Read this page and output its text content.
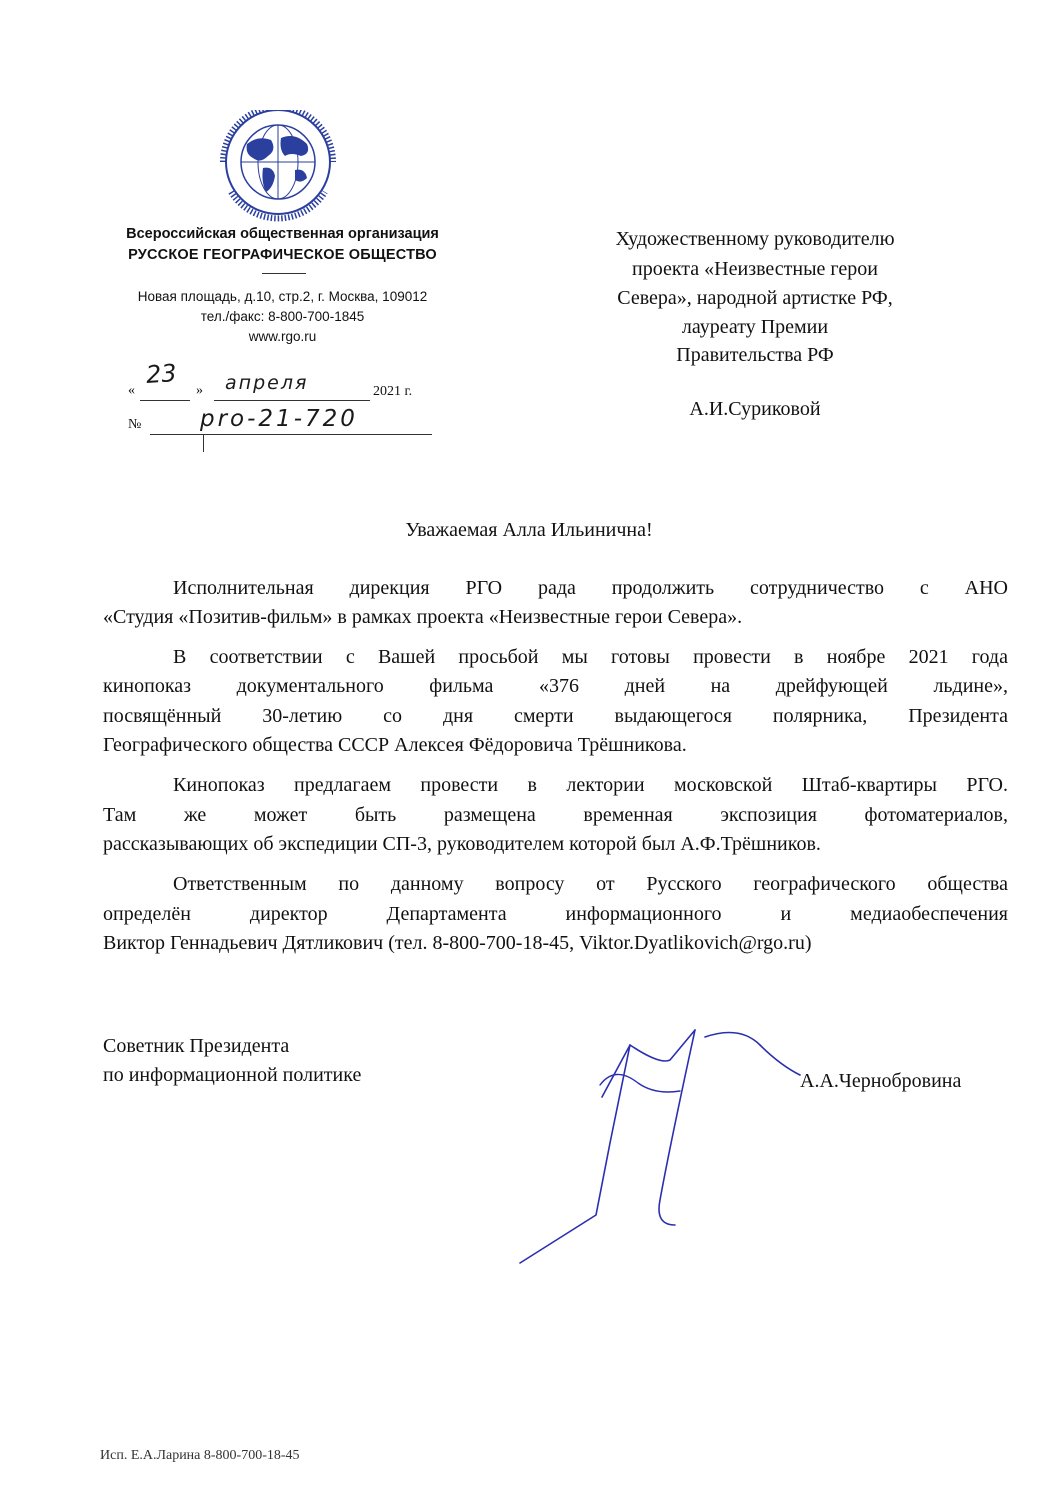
Всероссийская общественная организация
РУССКОЕ ГЕОГРАФИЧЕСКОЕ ОБЩЕСТВО
Новая площадь, д.10, стр.2, г. Москва, 109012
тел./факс: 8-800-700-1845
www.rgo.ru
«	»
23	апреля	2021 г.
№	pro-21-720
Художественному руководителю
проекта «Неизвестные герои
Севера», народной артистке РФ,
лауреату Премии
Правительства РФ
А.И.Суриковой
Уважаемая Алла Ильинична!
Исполнительная дирекция РГО рада продолжить сотрудничество с АНО
«Студия «Позитив-фильм» в рамках проекта «Неизвестные герои Севера».
В соответствии с Вашей просьбой мы готовы провести в ноябре 2021 года
кинопоказ документального фильма «376 дней на дрейфующей льдине»,
посвящённый 30-летию со дня смерти выдающегося полярника, Президента
Географического общества СССР Алексея Фёдоровича Трёшникова.
Кинопоказ предлагаем провести в лектории московской Штаб-квартиры РГО.
Там же может быть размещена временная экспозиция фотоматериалов,
рассказывающих об экспедиции СП-3, руководителем которой был А.Ф.Трёшников.
Ответственным по данному вопросу от Русского географического общества
определён директор Департамента информационного и медиаобеспечения
Виктор Геннадьевич Дятликович (тел. 8-800-700-18-45, Viktor.Dyatlikovich@rgo.ru)
Советник Президента
по информационной политике	А.А.Чернобровина
Исп. Е.А.Ларина 8-800-700-18-45
